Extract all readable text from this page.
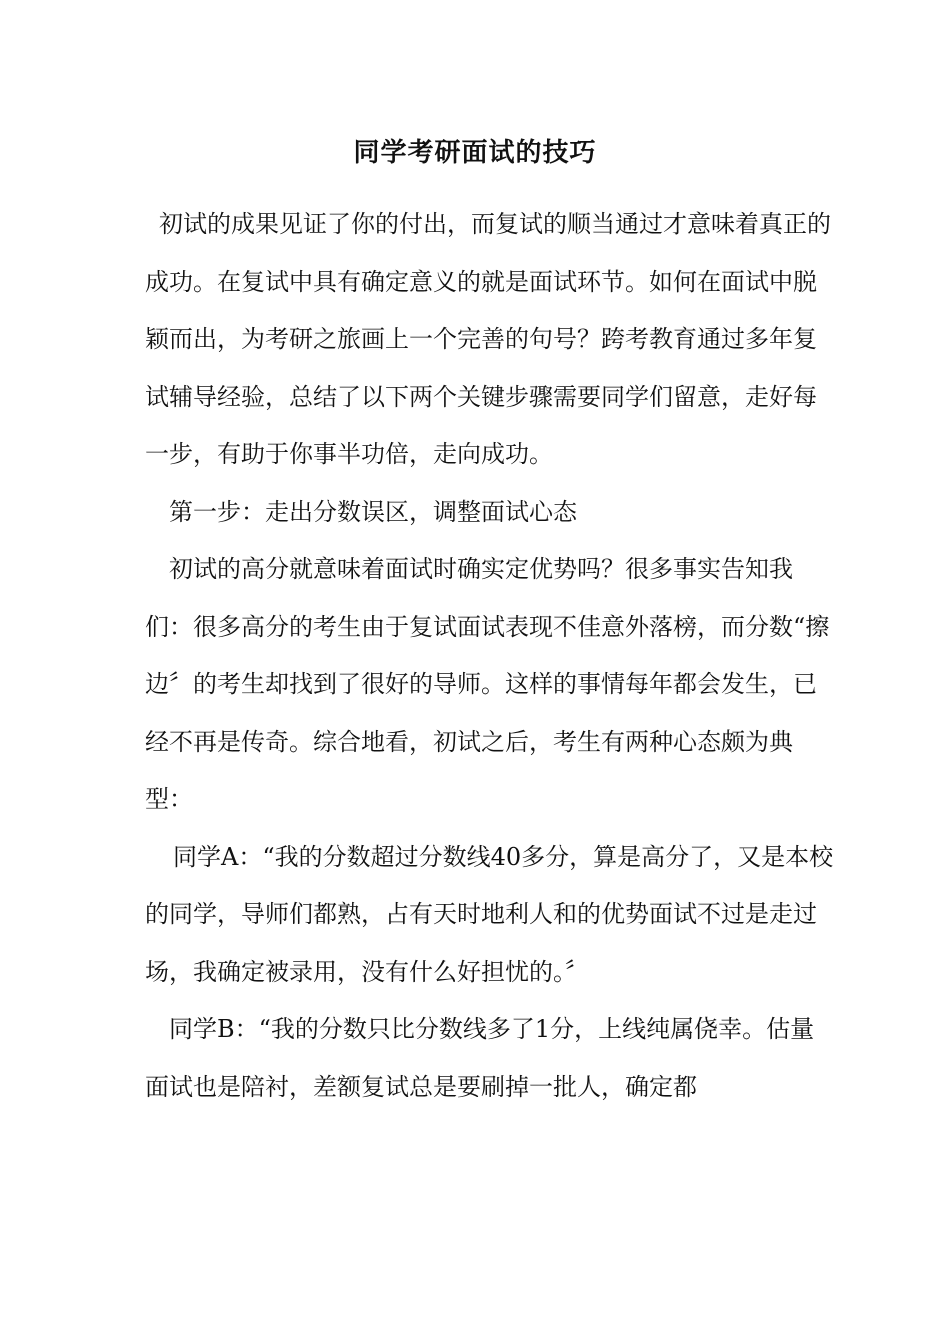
同学考研面试的技巧

初试的成果见证了你的付出，而复试的顺当通过才意味着真正的成功。在复试中具有确定意义的就是面试环节。如何在面试中脱颖而出，为考研之旅画上一个完善的句号？跨考教育通过多年复试辅导经验，总结了以下两个关键步骤需要同学们留意，走好每一步，有助于你事半功倍，走向成功。

第一步：走出分数误区，调整面试心态

初试的高分就意味着面试时确实定优势吗？很多事实告知我们：很多高分的考生由于复试面试表现不佳意外落榜，而分数“擦边〞的考生却找到了很好的导师。这样的事情每年都会发生，已经不再是传奇。综合地看，初试之后，考生有两种心态颇为典型：

同学A：“我的分数超过分数线40多分，算是高分了，又是本校的同学，导师们都熟，占有天时地利人和的优势面试不过是走过场，我确定被录用，没有什么好担忧的。〞

同学B：“我的分数只比分数线多了1分，上线纯属侥幸。估量面试也是陪衬，差额复试总是要刷掉一批人，确定都
